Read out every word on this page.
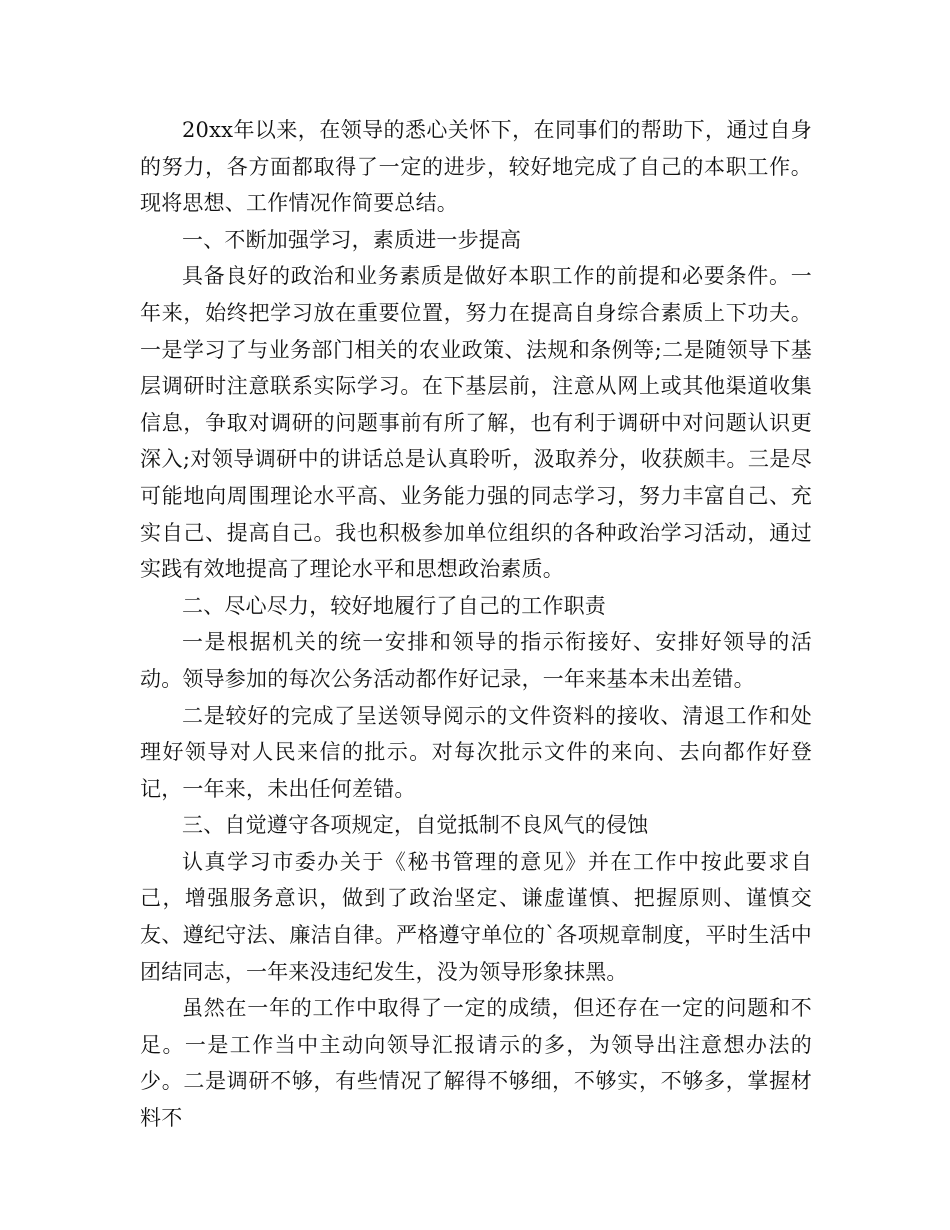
20xx年以来，在领导的悉心关怀下，在同事们的帮助下，通过自身的努力，各方面都取得了一定的进步，较好地完成了自己的本职工作。现将思想、工作情况作简要总结。

一、不断加强学习，素质进一步提高

具备良好的政治和业务素质是做好本职工作的前提和必要条件。一年来，始终把学习放在重要位置，努力在提高自身综合素质上下功夫。一是学习了与业务部门相关的农业政策、法规和条例等;二是随领导下基层调研时注意联系实际学习。在下基层前，注意从网上或其他渠道收集信息，争取对调研的问题事前有所了解，也有利于调研中对问题认识更深入;对领导调研中的讲话总是认真聆听，汲取养分，收获颇丰。三是尽可能地向周围理论水平高、业务能力强的同志学习，努力丰富自己、充实自己、提高自己。我也积极参加单位组织的各种政治学习活动，通过实践有效地提高了理论水平和思想政治素质。

二、尽心尽力，较好地履行了自己的工作职责

一是根据机关的统一安排和领导的指示衔接好、安排好领导的活动。领导参加的每次公务活动都作好记录，一年来基本未出差错。

二是较好的完成了呈送领导阅示的文件资料的接收、清退工作和处理好领导对人民来信的批示。对每次批示文件的来向、去向都作好登记，一年来，未出任何差错。

三、自觉遵守各项规定，自觉抵制不良风气的侵蚀

认真学习市委办关于《秘书管理的意见》并在工作中按此要求自己，增强服务意识，做到了政治坚定、谦虚谨慎、把握原则、谨慎交友、遵纪守法、廉洁自律。严格遵守单位的`各项规章制度，平时生活中团结同志，一年来没违纪发生，没为领导形象抹黑。

虽然在一年的工作中取得了一定的成绩，但还存在一定的问题和不足。一是工作当中主动向领导汇报请示的多，为领导出注意想办法的少。二是调研不够，有些情况了解得不够细，不够实，不够多，掌握材料不
